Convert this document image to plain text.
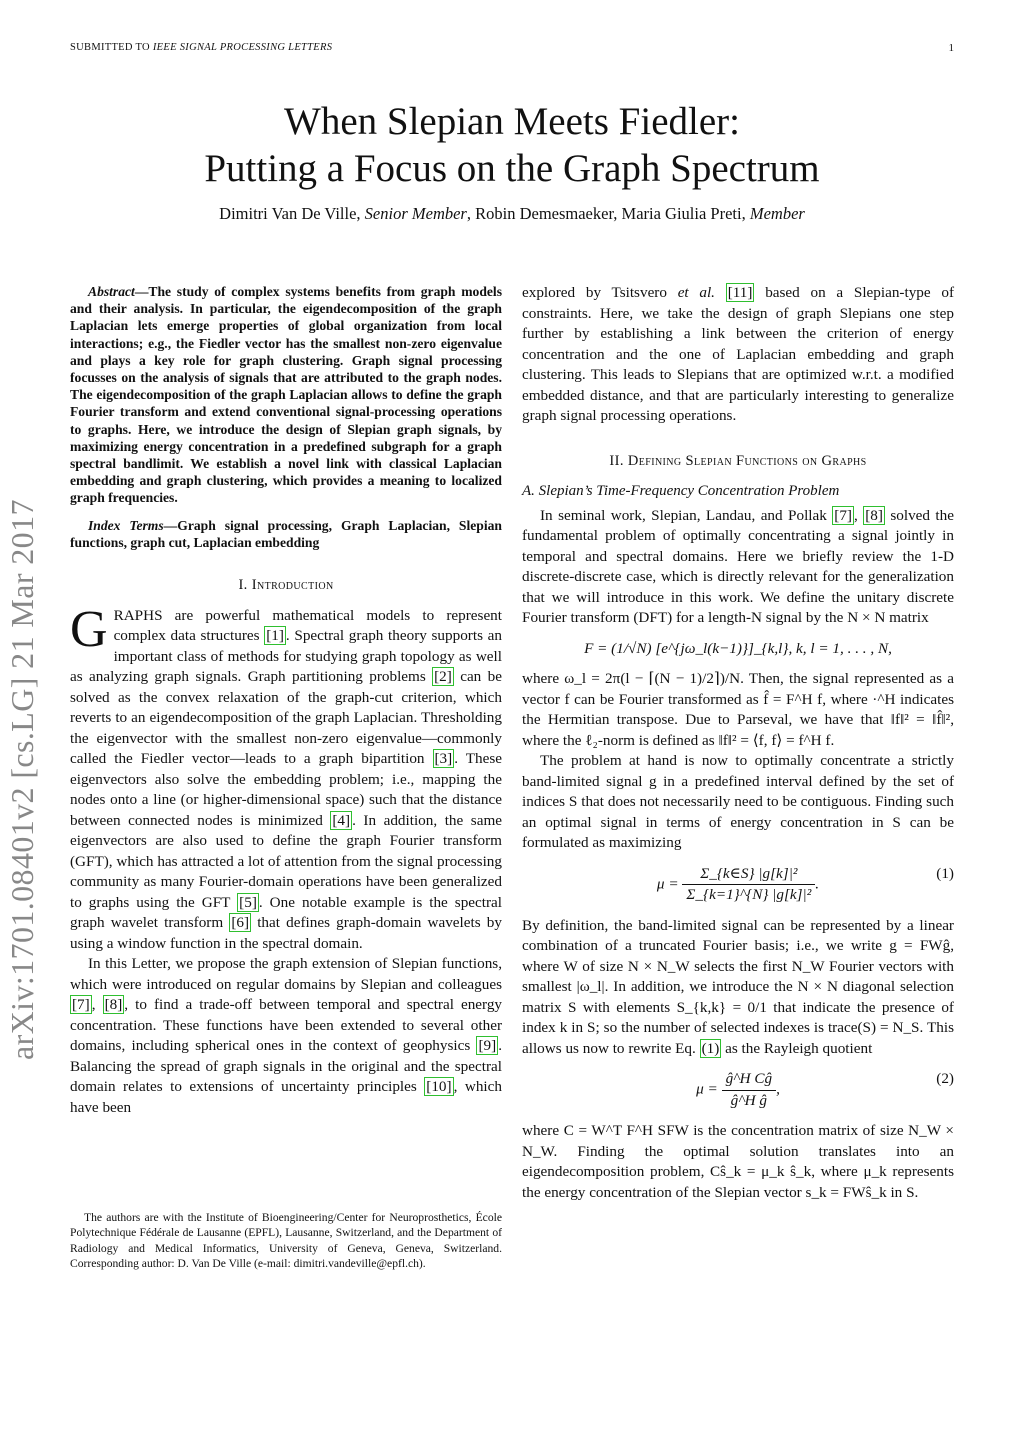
SUBMITTED TO IEEE SIGNAL PROCESSING LETTERS	1
When Slepian Meets Fiedler:
Putting a Focus on the Graph Spectrum
Dimitri Van De Ville, Senior Member, Robin Demesmaeker, Maria Giulia Preti, Member
arXiv:1701.08401v2 [cs.LG] 21 Mar 2017

Abstract—The study of complex systems benefits from graph models and their analysis. In particular, the eigendecomposition of the graph Laplacian lets emerge properties of global organization from local interactions; e.g., the Fiedler vector has the smallest non-zero eigenvalue and plays a key role for graph clustering. Graph signal processing focusses on the analysis of signals that are attributed to the graph nodes. The eigendecomposition of the graph Laplacian allows to define the graph Fourier transform and extend conventional signal-processing operations to graphs. Here, we introduce the design of Slepian graph signals, by maximizing energy concentration in a predefined subgraph for a graph spectral bandlimit. We establish a novel link with classical Laplacian embedding and graph clustering, which provides a meaning to localized graph frequencies.

Index Terms—Graph signal processing, Graph Laplacian, Slepian functions, graph cut, Laplacian embedding

I. Introduction

GRAPHS are powerful mathematical models to represent complex data structures [1] . Spectral graph theory supports an important class of methods for studying graph topology as well as analyzing graph signals. Graph partitioning problems [2] can be solved as the convex relaxation of the graph-cut criterion, which reverts to an eigendecomposition of the graph Laplacian. Thresholding the eigenvector with the smallest non-zero eigenvalue—commonly called the Fiedler vector—leads to a graph bipartition [3] . These eigenvectors also solve the embedding problem; i.e., mapping the nodes onto a line (or higher-dimensional space) such that the distance between connected nodes is minimized [4] . In addition, the same eigenvectors are also used to define the graph Fourier transform (GFT), which has attracted a lot of attention from the signal processing community as many Fourier-domain operations have been generalized to graphs using the GFT [5] . One notable example is the spectral graph wavelet transform [6] that defines graph-domain wavelets by using a window function in the spectral domain.

In this Letter, we propose the graph extension of Slepian functions, which were introduced on regular domains by Slepian and colleagues [7] , [8] , to find a trade-off between temporal and spectral energy concentration. These functions have been extended to several other domains, including spherical ones in the context of geophysics [9] . Balancing the spread of graph signals in the original and the spectral domain relates to extensions of uncertainty principles [10] , which have been

The authors are with the Institute of Bioengineering/Center for Neuroprosthetics, École Polytechnique Fédérale de Lausanne (EPFL), Lausanne, Switzerland, and the Department of Radiology and Medical Informatics, University of Geneva, Geneva, Switzerland. Corresponding author: D. Van De Ville (e-mail: dimitri.vandeville@epfl.ch).

explored by Tsitsvero et al. [11] based on a Slepian-type of constraints. Here, we take the design of graph Slepians one step further by establishing a link between the criterion of energy concentration and the one of Laplacian embedding and graph clustering. This leads to Slepians that are optimized w.r.t. a modified embedded distance, and that are particularly interesting to generalize graph signal processing operations.

II. Defining Slepian Functions on Graphs
A. Slepian’s Time-Frequency Concentration Problem

In seminal work, Slepian, Landau, and Pollak [7] , [8] solved the fundamental problem of optimally concentrating a signal jointly in temporal and spectral domains. Here we briefly review the 1-D discrete-discrete case, which is directly relevant for the generalization that we will introduce in this work. We define the unitary discrete Fourier transform (DFT) for a length-N signal by the N × N matrix

F = (1/√N) [e^{jω_l(k−1)}]_{k,l}, k, l = 1, . . . , N,

where ω_l = 2π(l − ⌈(N − 1)/2⌉)/N. Then, the signal represented as a vector f can be Fourier transformed as f̂ = F^H f, where ·^H indicates the Hermitian transpose. Due to Parseval, we have that ‖f‖² = ‖f̂‖², where the ℓ₂-norm is defined as ‖f‖² = ⟨f, f⟩ = f^H f.

The problem at hand is now to optimally concentrate a strictly band-limited signal g in a predefined interval defined by the set of indices S that does not necessarily need to be contiguous. Finding such an optimal signal in terms of energy concentration in S can be formulated as maximizing

$\mu = \frac{\text{Σ\_\{k∈S\} |g[k]|²}}{\text{Σ\_\{k=1\}\textasciicircum{}\{N\} |g[k]|²}}$ .
(1)

By definition, the band-limited signal can be represented by a linear combination of a truncated Fourier basis; i.e., we write g = FWĝ, where W of size N × N_W selects the first N_W Fourier vectors with smallest |ω_l|. In addition, we introduce the N × N diagonal selection matrix S with elements S_{k,k} = 0/1 that indicate the presence of index k in S; so the number of selected indexes is trace(S) = N_S. This allows us now to rewrite Eq. (1) as the Rayleigh quotient

$\mu = \frac{\text{ĝ\textasciicircum{}H Cĝ}}{\text{ĝ\textasciicircum{}H ĝ}}$ ,
(2)

where C = W^T F^H SFW is the concentration matrix of size N_W × N_W. Finding the optimal solution translates into an eigendecomposition problem, Cŝ_k = μ_k ŝ_k, where μ_k represents the energy concentration of the Slepian vector s_k = FWŝ_k in S.
